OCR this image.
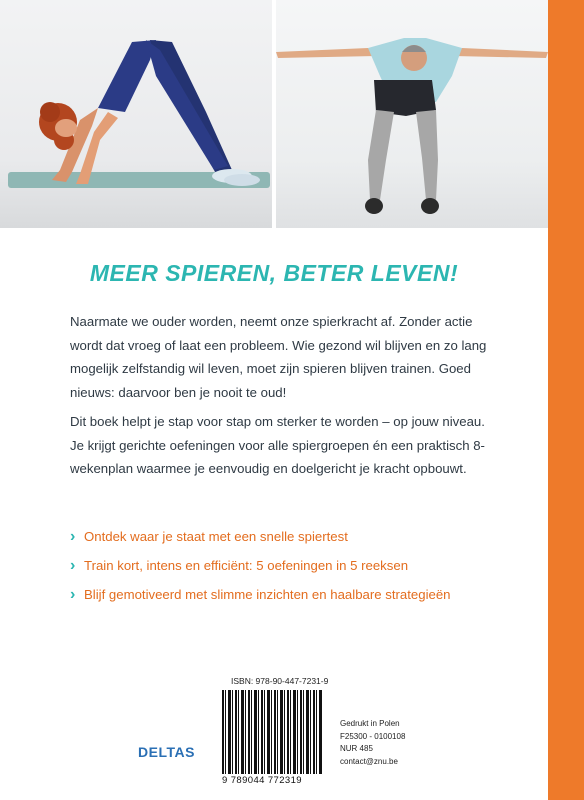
MEER SPIEREN, BETER LEVEN!

Naarmate we ouder worden, neemt onze spierkracht af. Zonder actie wordt dat vroeg of laat een probleem. Wie gezond wil blijven en zo lang mogelijk zelfstandig wil leven, moet zijn spieren blijven trainen. Goed nieuws: daarvoor ben je nooit te oud!

Dit boek helpt je stap voor stap om sterker te worden – op jouw niveau. Je krijgt gerichte oefeningen voor alle spiergroepen én een praktisch 8-wekenplan waarmee je eenvoudig en doelgericht je kracht opbouwt.

› Ontdek waar je staat met een snelle spiertest
› Train kort, intens en efficiënt: 5 oefeningen in 5 reeksen
› Blijf gemotiveerd met slimme inzichten en haalbare strategieën
DELTAS
ISBN: 978-90-447-7231-9
9 789044 772319
Gedrukt in Polen
F25300 - 0100108
NUR 485
contact@znu.be
